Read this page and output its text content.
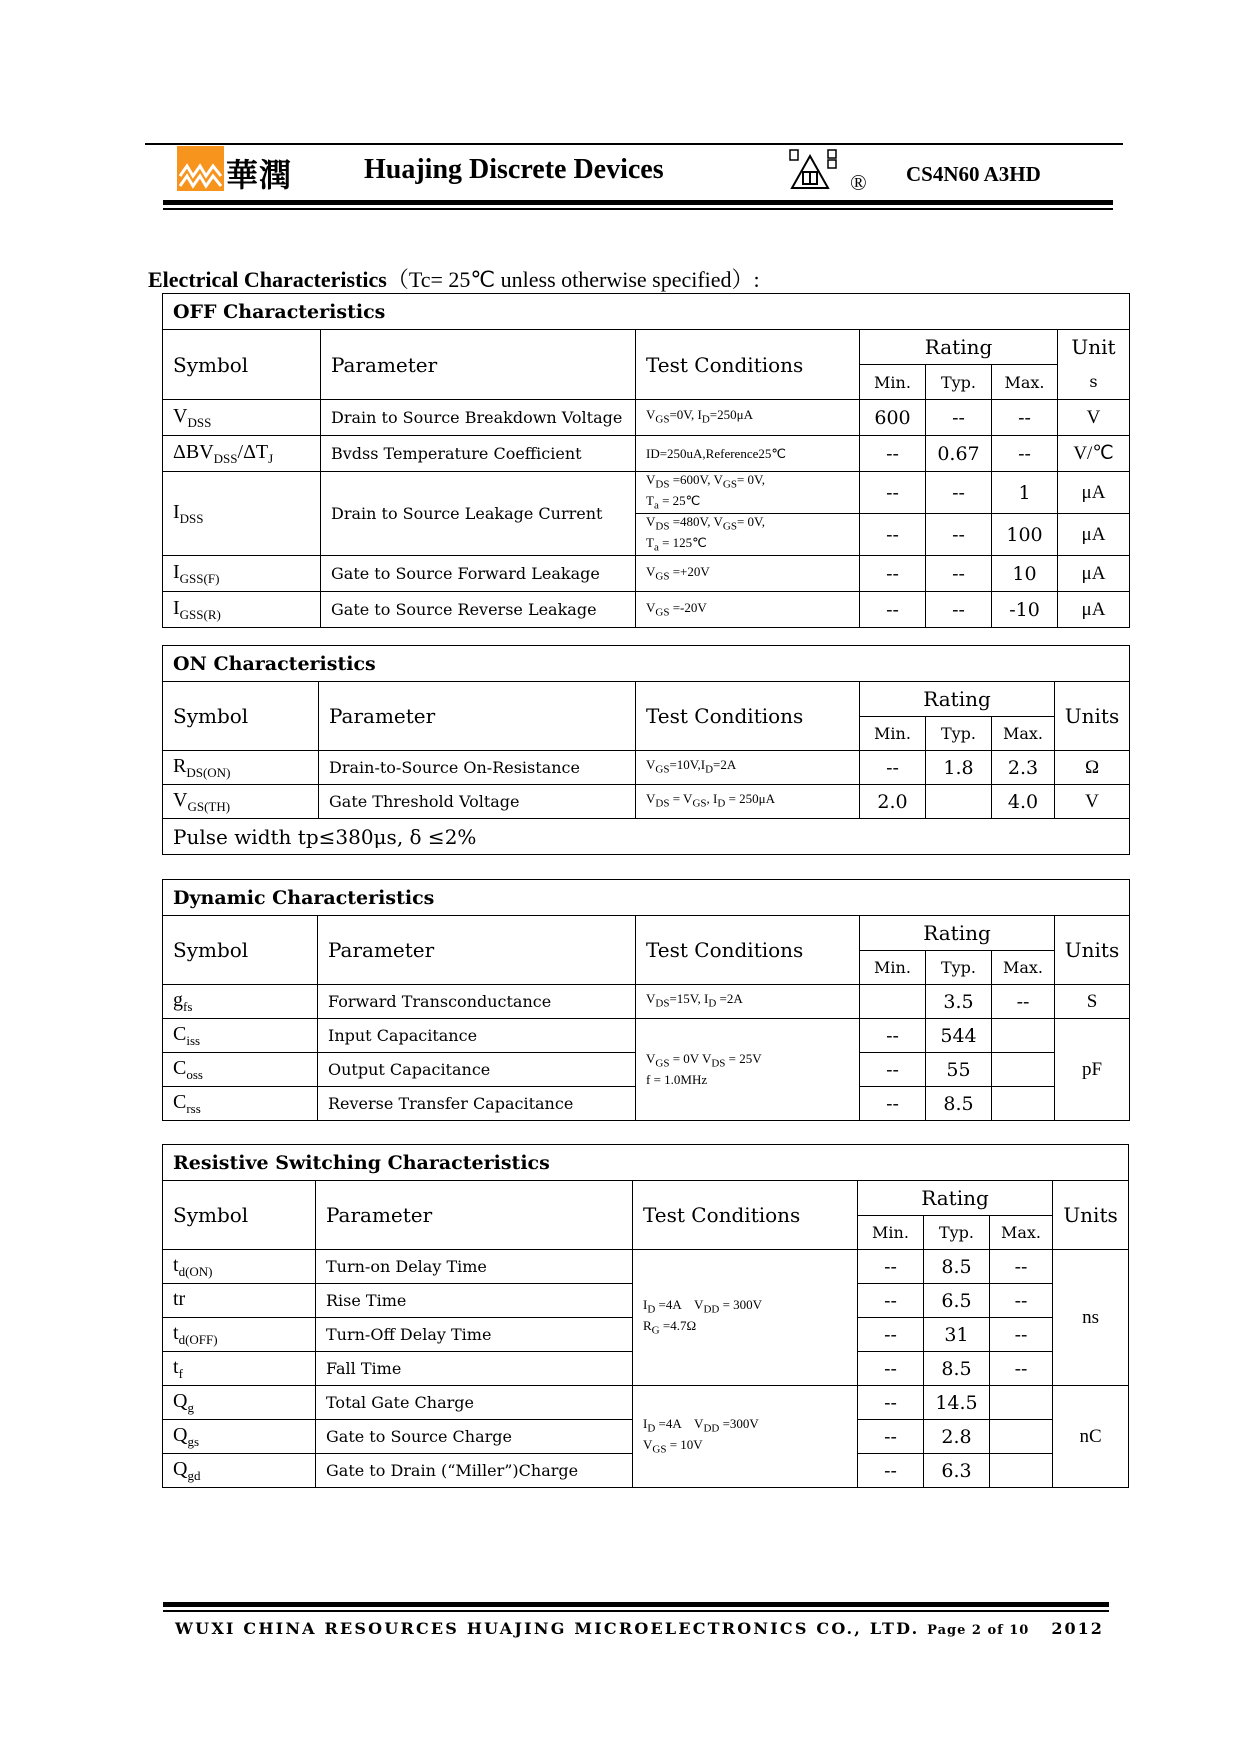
華潤	Huajing Discrete Devices	® CS4N60 A3HD
Electrical Characteristics（Tc= 25℃ unless otherwise specified）:
OFF Characteristics						
Symbol	Parameter	Test Conditions	Rating			Unit
			Min.	Typ.	Max.	s
$V_{DSS}$	Drain to Source Breakdown Voltage	$V_{GS}=0V$, $I_D=250\mu A$	600	--	--	V
$\Delta BV_{DSS}/\Delta T_J$	Bvdss Temperature Coefficient	ID=250uA,Reference25℃	--	0.67	--	V/℃
$I_{DSS}$	Drain to Source Leakage Current	$V_{DS} =600V$, $V_{GS}= 0V$,
$T_a$ = 25℃	--	--	1	μA
		$V_{DS} =480V$, $V_{GS}= 0V$,
$T_a$ = 125℃	--	--	100	μA
$I_{GSS(F)}$	Gate to Source Forward Leakage	$V_{GS} =+20V$	--	--	10	μA
$I_{GSS(R)}$	Gate to Source Reverse Leakage	$V_{GS} =-20V$	--	--	-10	μA
ON Characteristics						
Symbol	Parameter	Test Conditions	Rating			Units
			Min.	Typ.	Max.	
$R_{DS(ON)}$	Drain-to-Source On-Resistance	$V_{GS}=10V,I_D=2A$	--	1.8	2.3	Ω
$V_{GS(TH)}$	Gate Threshold Voltage	$V_{DS} = V_{GS}$, $I_D = 250\mu A$	2.0		4.0	V
Pulse width tp≤380μs, δ ≤2%						
Dynamic Characteristics						
Symbol	Parameter	Test Conditions	Rating			Units
			Min.	Typ.	Max.	
$g_{fs}$	Forward Transconductance	$V_{DS}=15V$, $I_D =2A$		3.5	--	S
$C_{iss}$	Input Capacitance	$V_{GS} = 0V$ $V_{DS} = 25V$
f = 1.0MHz	--	544		pF
$C_{oss}$	Output Capacitance		--	55		
$C_{rss}$	Reverse Transfer Capacitance		--	8.5		
Resistive Switching Characteristics						
Symbol	Parameter	Test Conditions	Rating			Units
			Min.	Typ.	Max.	
$t_{d(ON)}$	Turn-on Delay Time	$I_D =4A$    $V_{DD} = 300V$
$R_G =4.7\Omega$	--	8.5	--	ns
tr	Rise Time		--	6.5	--	
$t_{d(OFF)}$	Turn-Off Delay Time		--	31	--	
$t_f$	Fall Time		--	8.5	--	
$Q_g$	Total Gate Charge	$I_D =4A$    $V_{DD} =300V$
$V_{GS} = 10V$	--	14.5		nC
$Q_{gs}$	Gate to Source Charge		--	2.8		
$Q_{gd}$	Gate to Drain (“Miller”)Charge		--	6.3		
WUXI CHINA RESOURCES HUAJING MICROELECTRONICS CO., LTD. Page 2 of 10 2012
